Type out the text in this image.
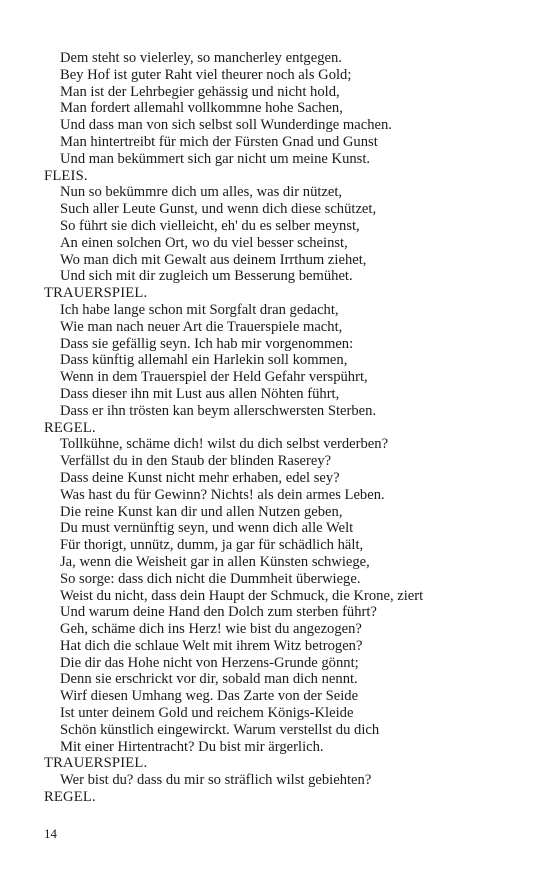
Dem steht so vielerley, so mancherley entgegen.
Bey Hof ist guter Raht viel theurer noch als Gold;
Man ist der Lehrbegier gehässig und nicht hold,
Man fordert allemahl vollkommne hohe Sachen,
Und dass man von sich selbst soll Wunderdinge machen.
Man hintertreibt für mich der Fürsten Gnad und Gunst
Und man bekümmert sich gar nicht um meine Kunst.
FLEIS.
Nun so bekümmre dich um alles, was dir nützet,
Such aller Leute Gunst, und wenn dich diese schützet,
So führt sie dich vielleicht, eh' du es selber meynst,
An einen solchen Ort, wo du viel besser scheinst,
Wo man dich mit Gewalt aus deinem Irrthum ziehet,
Und sich mit dir zugleich um Besserung bemühet.
TRAUERSPIEL.
Ich habe lange schon mit Sorgfalt dran gedacht,
Wie man nach neuer Art die Trauerspiele macht,
Dass sie gefällig seyn. Ich hab mir vorgenommen:
Dass künftig allemahl ein Harlekin soll kommen,
Wenn in dem Trauerspiel der Held Gefahr verspührt,
Dass dieser ihn mit Lust aus allen Nöhten führt,
Dass er ihn trösten kan beym allerschwersten Sterben.
REGEL.
Tollkühne, schäme dich! wilst du dich selbst verderben?
Verfällst du in den Staub der blinden Raserey?
Dass deine Kunst nicht mehr erhaben, edel sey?
Was hast du für Gewinn? Nichts! als dein armes Leben.
Die reine Kunst kan dir und allen Nutzen geben,
Du must vernünftig seyn, und wenn dich alle Welt
Für thorigt, unnütz, dumm, ja gar für schädlich hält,
Ja, wenn die Weisheit gar in allen Künsten schwiege,
So sorge: dass dich nicht die Dummheit überwiege.
Weist du nicht, dass dein Haupt der Schmuck, die Krone, ziert
Und warum deine Hand den Dolch zum sterben führt?
Geh, schäme dich ins Herz! wie bist du angezogen?
Hat dich die schlaue Welt mit ihrem Witz betrogen?
Die dir das Hohe nicht von Herzens-Grunde gönnt;
Denn sie erschrickt vor dir, sobald man dich nennt.
Wirf diesen Umhang weg. Das Zarte von der Seide
Ist unter deinem Gold und reichem Königs-Kleide
Schön künstlich eingewirckt. Warum verstellst du dich
Mit einer Hirtentracht? Du bist mir ärgerlich.
TRAUERSPIEL.
Wer bist du? dass du mir so sträflich wilst gebiehten?
REGEL.
14
